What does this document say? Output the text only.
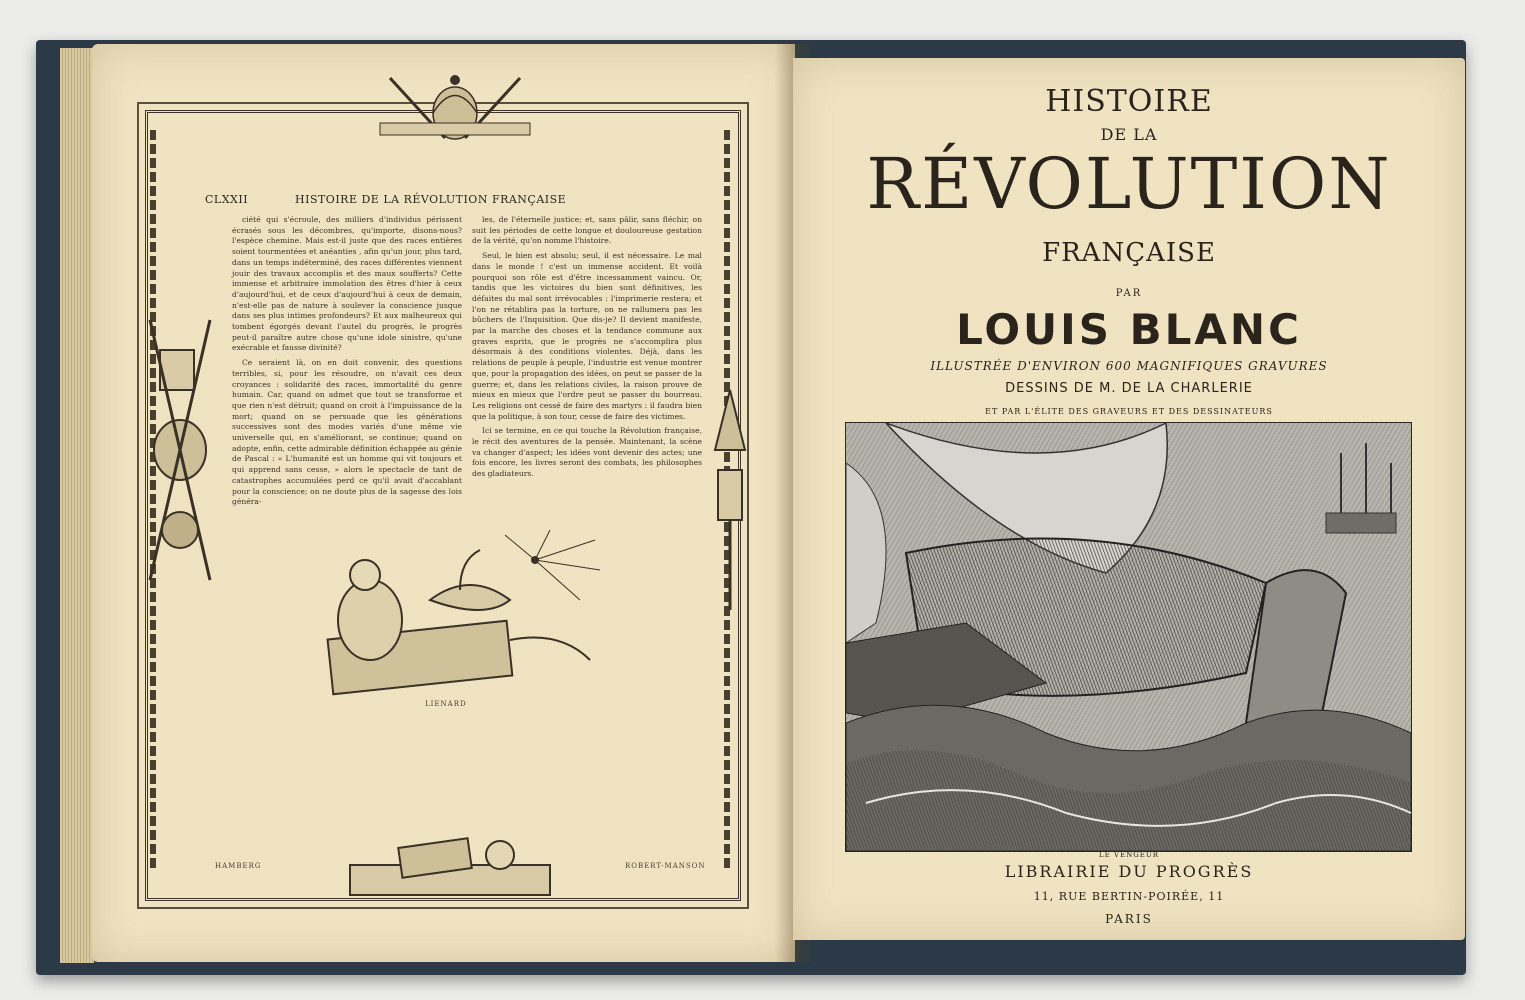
CLXXII	HISTOIRE DE LA RÉVOLUTION FRANÇAISE

ciété qui s'écroule, des milliers d'individus périssent écrasés sous les décombres, qu'importe, disons-nous? l'espèce chemine. Mais est-il juste que des races entières soient tourmentées et anéanties , afin qu'un jour, plus tard, dans un temps indéterminé, des races différentes viennent jouir des travaux accomplis et des maux soufferts? Cette immense et arbitraire immolation des êtres d'hier à ceux d'aujourd'hui, et de ceux d'aujourd'hui à ceux de demain, n'est-elle pas de nature à soulever la conscience jusque dans ses plus intimes profondeurs? Et aux malheureux qui tombent égorgés devant l'autel du progrès, le progrès peut-il paraître autre chose qu'une idole sinistre, qu'une exécrable et fausse divinité?

Ce seraient là, on en doit convenir, des questions terribles, si, pour les résoudre, on n'avait ces deux croyances : solidarité des races, immortalité du genre humain. Car, quand on admet que tout se transforme et que rien n'est détruit; quand on croit à l'impuissance de la mort; quand on se persuade que les générations successives sont des modes variés d'une même vie universelle qui, en s'améliorant, se continue; quand on adopte, enfin, cette admirable définition échappée au génie de Pascal : « L'humanité est un homme qui vit toujours et qui apprend sans cesse, » alors le spectacle de tant de catastrophes accumulées perd ce qu'il avait d'accablant pour la conscience; on ne doute plus de la sagesse des lois généra-

les, de l'éternelle justice; et, sans pâlir, sans fléchir, on suit les périodes de cette longue et douloureuse gestation de la vérité, qu'on nomme l'histoire.

Seul, le bien est absolu; seul, il est nécessaire. Le mal dans le monde ! c'est un immense accident. Et voilà pourquoi son rôle est d'être incessamment vaincu. Or, tandis que les victoires du bien sont définitives, les défaites du mal sont irrévocables : l'imprimerie restera; et l'on ne rétablira pas la torture, on ne rallumera pas les bûchers de l'Inquisition. Que dis-je? Il devient manifeste, par la marche des choses et la tendance commune aux graves esprits, que le progrès ne s'accomplira plus désormais à des conditions violentes. Déjà, dans les relations de peuple à peuple, l'industrie est venue montrer que, pour la propagation des idées, on peut se passer de la guerre; et, dans les relations civiles, la raison prouve de mieux en mieux que l'ordre peut se passer du bourreau. Les religions ont cessé de faire des martyrs : il faudra bien que la politique, à son tour, cesse de faire des victimes.

Ici se termine, en ce qui touche la Révolution française, le récit des aventures de la pensée. Maintenant, la scène va changer d'aspect; les idées vont devenir des actes; une fois encore, les livres seront des combats, les philosophes des gladiateurs.

LIENARD
HAMBERG	ROBERT-MANSON
HISTOIRE
DE LA
RÉVOLUTION
FRANÇAISE
PAR
LOUIS BLANC
ILLUSTRÉE D'ENVIRON 600 MAGNIFIQUES GRAVURES
DESSINS DE M. DE LA CHARLERIE
ET PAR L'ÉLITE DES GRAVEURS ET DES DESSINATEURS
LE VENGEUR
LIBRAIRIE DU PROGRÈS
11, RUE BERTIN-POIRÉE, 11
PARIS
